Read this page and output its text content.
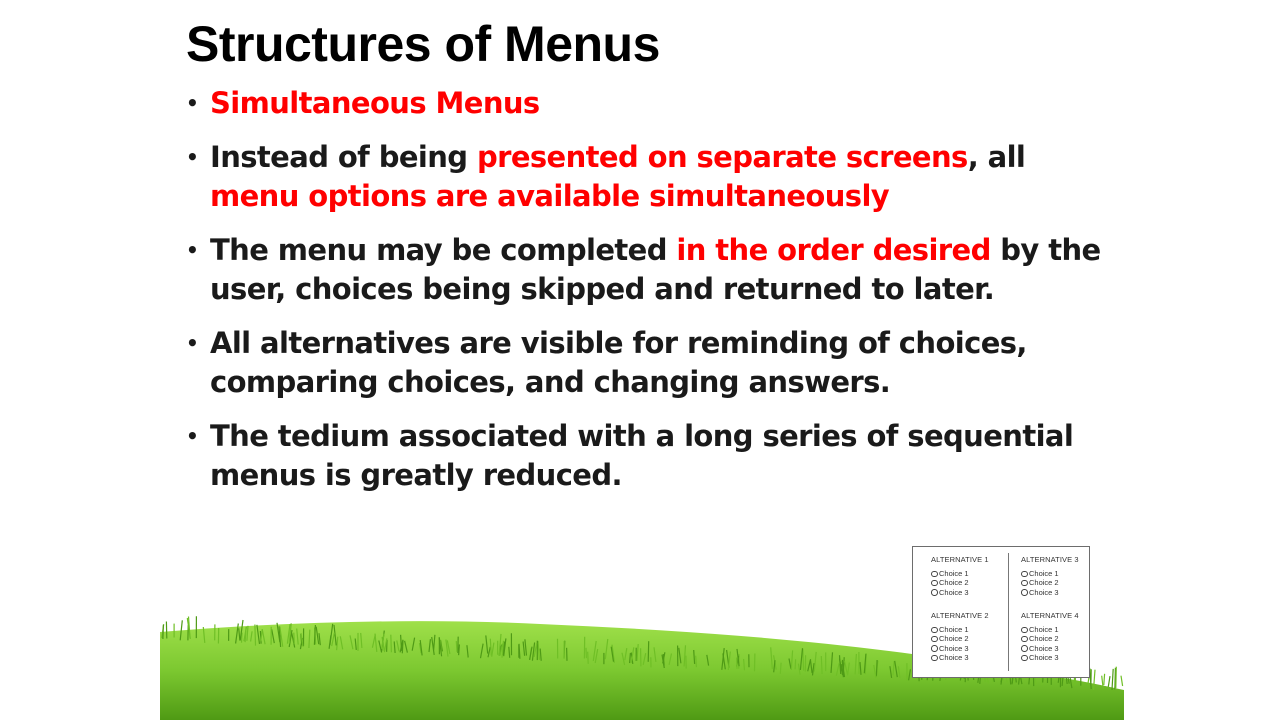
Structures of Menus
• Simultaneous Menus
• Instead of being presented on separate screens, all menu options are available simultaneously
• The menu may be completed in the order desired by the user, choices being skipped and returned to later.
• All alternatives are visible for reminding of choices, comparing choices, and changing answers.
• The tedium associated with a long series of sequential menus is greatly reduced.
ALTERNATIVE 1
Choice 1
Choice 2
Choice 3
ALTERNATIVE 3
Choice 1
Choice 2
Choice 3
ALTERNATIVE 2
Choice 1
Choice 2
Choice 3
Choice 3
ALTERNATIVE 4
Choice 1
Choice 2
Choice 3
Choice 3
